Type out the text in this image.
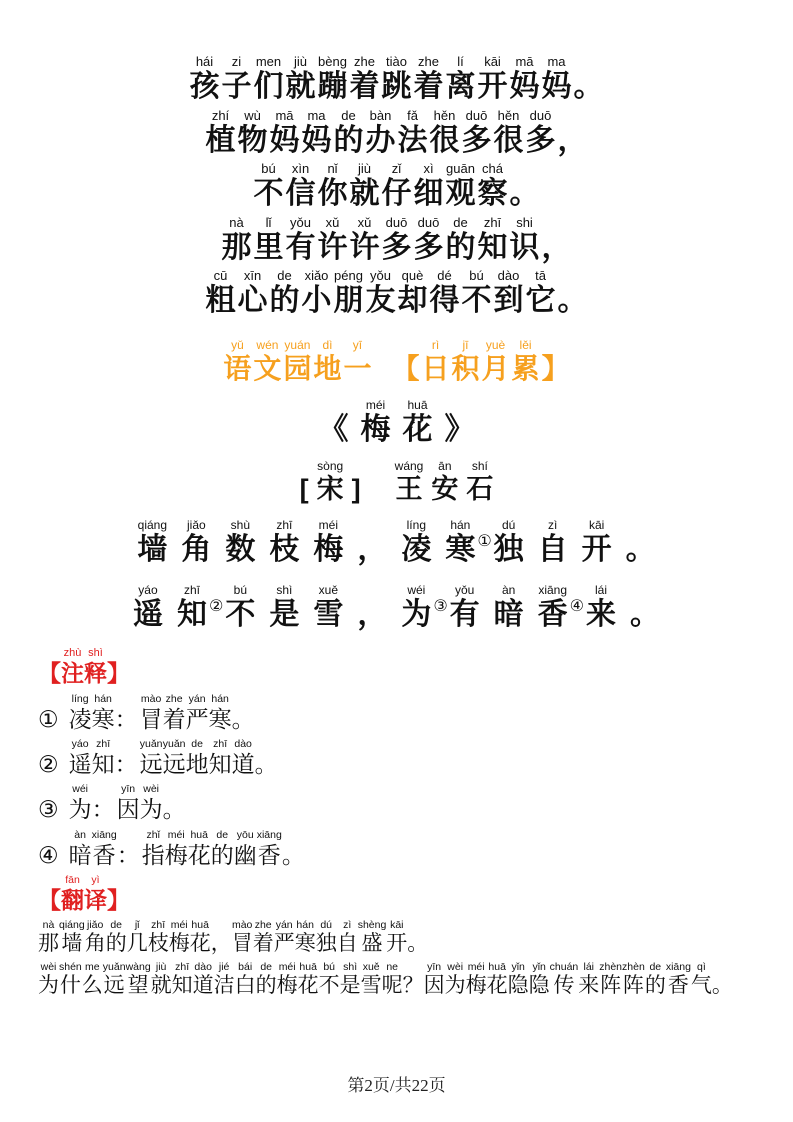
孩hái子zi们men就jiù蹦bèng着zhe跳tiào着zhe离lí开kāi妈mā妈ma。
植zhí物wù妈mā妈ma的de办bàn法fǎ很hěn多duō很hěn多duō，
不bú信xìn你nǐ就jiù仔zǐ细xì观guān察chá。
那nà里lǐ有yǒu许xǔ许xǔ多duō多duō的de知zhī识shi，
粗cū心xīn的de小xiǎo朋péng友yǒu却què得dé不bú到dào它tā。
语yǔ文wén园yuán地dì一yī【日rì积jī月yuè累lěi】
《 梅méi花huā》
[ 宋sòng] 王wáng安ān石shí
墙qiáng角jiǎo数shù枝zhī梅méi， 凌líng寒hán①独dú自zì开kāi。
遥yáo知zhī②不bú是shì雪xuě， 为wéi③有yǒu暗àn香xiāng④来lái。
【注zhù释shì】
① 凌líng寒hán：冒mào着zhe严yán寒hán。
② 遥yáo知zhī：远yuǎn远yuǎn地de知zhī道dào。
③ 为wéi：因yīn为wèi。
④ 暗àn香xiāng：指zhǐ梅méi花huā的de幽yōu香xiāng。
【翻fān译yì】
那nà墙qiáng角jiǎo的de几jǐ枝zhī梅méi花huā，冒mào着zhe严yán寒hán独dú自zì盛shèng开kāi。
为wèi什shén么me远yuǎn望wàng就jiù知zhī道dào洁jié白bái的de梅méi花huā不bú是shì雪xuě呢ne？因yīn为wèi梅méi花huā隐yǐn隐yǐn传chuán来lái阵zhèn阵zhèn的de香xiāng气qì。
第2页/共22页
